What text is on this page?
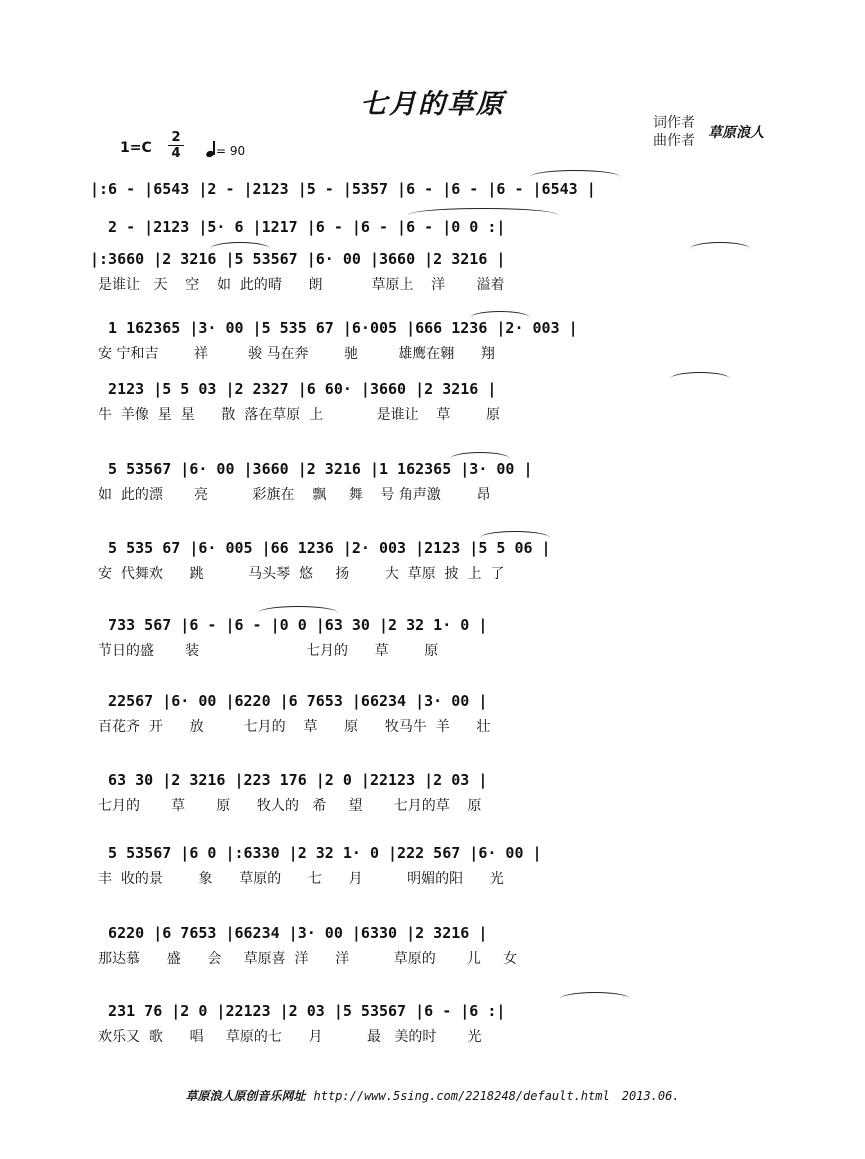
七月的草原
词作者
曲作者 草原浪人
1=C
2
4	= 90
|:6 - |6543 |2 - |2123 |5 - |5357 |6 - |6 - |6 - |6543 |
2 - |2123 |5· 6 |1217 |6 - |6 - |6 - |0 0 :|
|:3660 |2 3216 |5 53567 |6· 00 |3660 |2 3216 |
是谁让   天    空    如  此的晴      朗           草原上    洋       溢着
1 162365 |3· 00 |5 535 67 |6·005 |666 1236 |2· 003 |
安 宁和吉        祥         骏 马在奔        驰         雄鹰在翱      翔
2123 |5 5 03 |2 2327 |6 60· |3660 |2 3216 |
牛  羊像  星  星      散  落在草原  上            是谁让    草        原
5 53567 |6· 00 |3660 |2 3216 |1 162365 |3· 00 |
如  此的漂       亮          彩旗在    飘     舞    号 角声激        昂
5 535 67 |6· 005 |66 1236 |2· 003 |2123 |5 5 06 |
安  代舞欢      跳          马头琴  悠     扬        大  草原  披  上  了
733 567 |6 - |6 - |0 0 |63 30 |2 32 1· 0 |
节日的盛       装                        七月的      草        原
22567 |6· 00 |6220 |6 7653 |66234 |3· 00 |
百花齐  开      放         七月的    草      原      牧马牛  羊      壮
63 30 |2 3216 |223 176 |2 0 |22123 |2 03 |
七月的       草       原      牧人的   希     望       七月的草    原
5 53567 |6 0 |:6330 |2 32 1· 0 |222 567 |6· 00 |
丰  收的景        象      草原的      七      月          明媚的阳      光
6220 |6 7653 |66234 |3· 00 |6330 |2 3216 |
那达慕      盛      会     草原喜  洋      洋          草原的       儿     女
231 76 |2 0 |22123 |2 03 |5 53567 |6 - |6 :|
欢乐又  歌      唱     草原的七      月          最   美的时       光
草原浪人原创音乐网址 http://www.5sing.com/2218248/default.html 2013.06.
